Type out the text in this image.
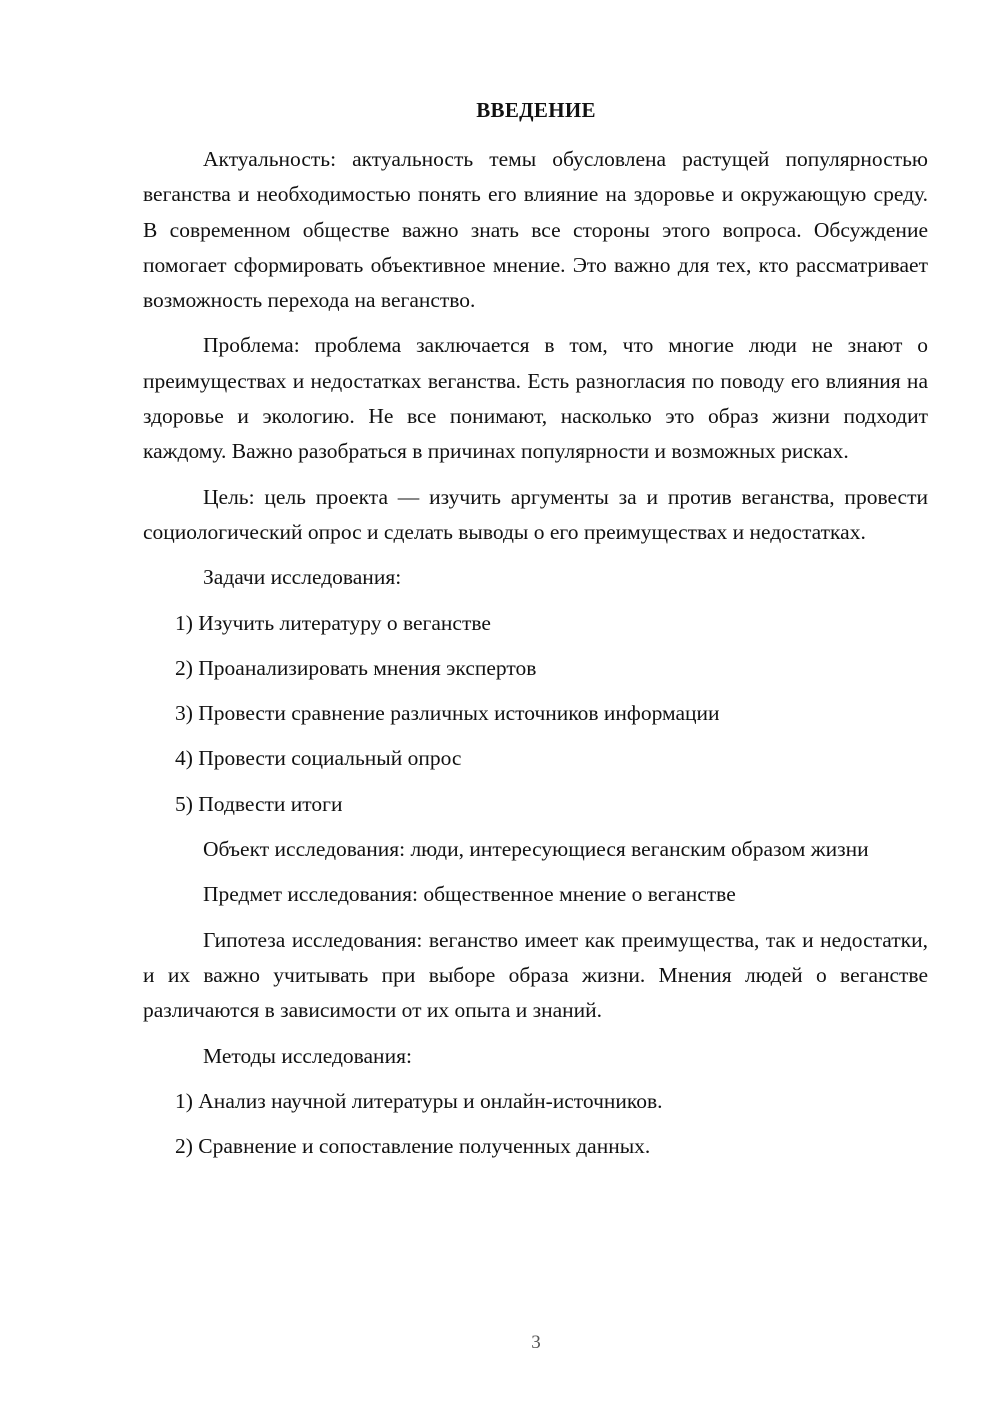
ВВЕДЕНИЕ

Актуальность: актуальность темы обусловлена растущей популярностью веганства и необходимостью понять его влияние на здоровье и окружающую среду. В современном обществе важно знать все стороны этого вопроса. Обсуждение помогает сформировать объективное мнение. Это важно для тех, кто рассматривает возможность перехода на веганство.

Проблема: проблема заключается в том, что многие люди не знают о преимуществах и недостатках веганства. Есть разногласия по поводу его влияния на здоровье и экологию. Не все понимают, насколько это образ жизни подходит каждому. Важно разобраться в причинах популярности и возможных рисках.

Цель: цель проекта — изучить аргументы за и против веганства, провести социологический опрос и сделать выводы о его преимуществах и недостатках.

Задачи исследования:

1) Изучить литературу о веганстве
2) Проанализировать мнения экспертов
3) Провести сравнение различных источников информации
4) Провести социальный опрос
5) Подвести итоги

Объект исследования: люди, интересующиеся веганским образом жизни

Предмет исследования: общественное мнение о веганстве

Гипотеза исследования: веганство имеет как преимущества, так и недостатки, и их важно учитывать при выборе образа жизни. Мнения людей о веганстве различаются в зависимости от их опыта и знаний.

Методы исследования:

1) Анализ научной литературы и онлайн-источников.
2) Сравнение и сопоставление полученных данных.
3
